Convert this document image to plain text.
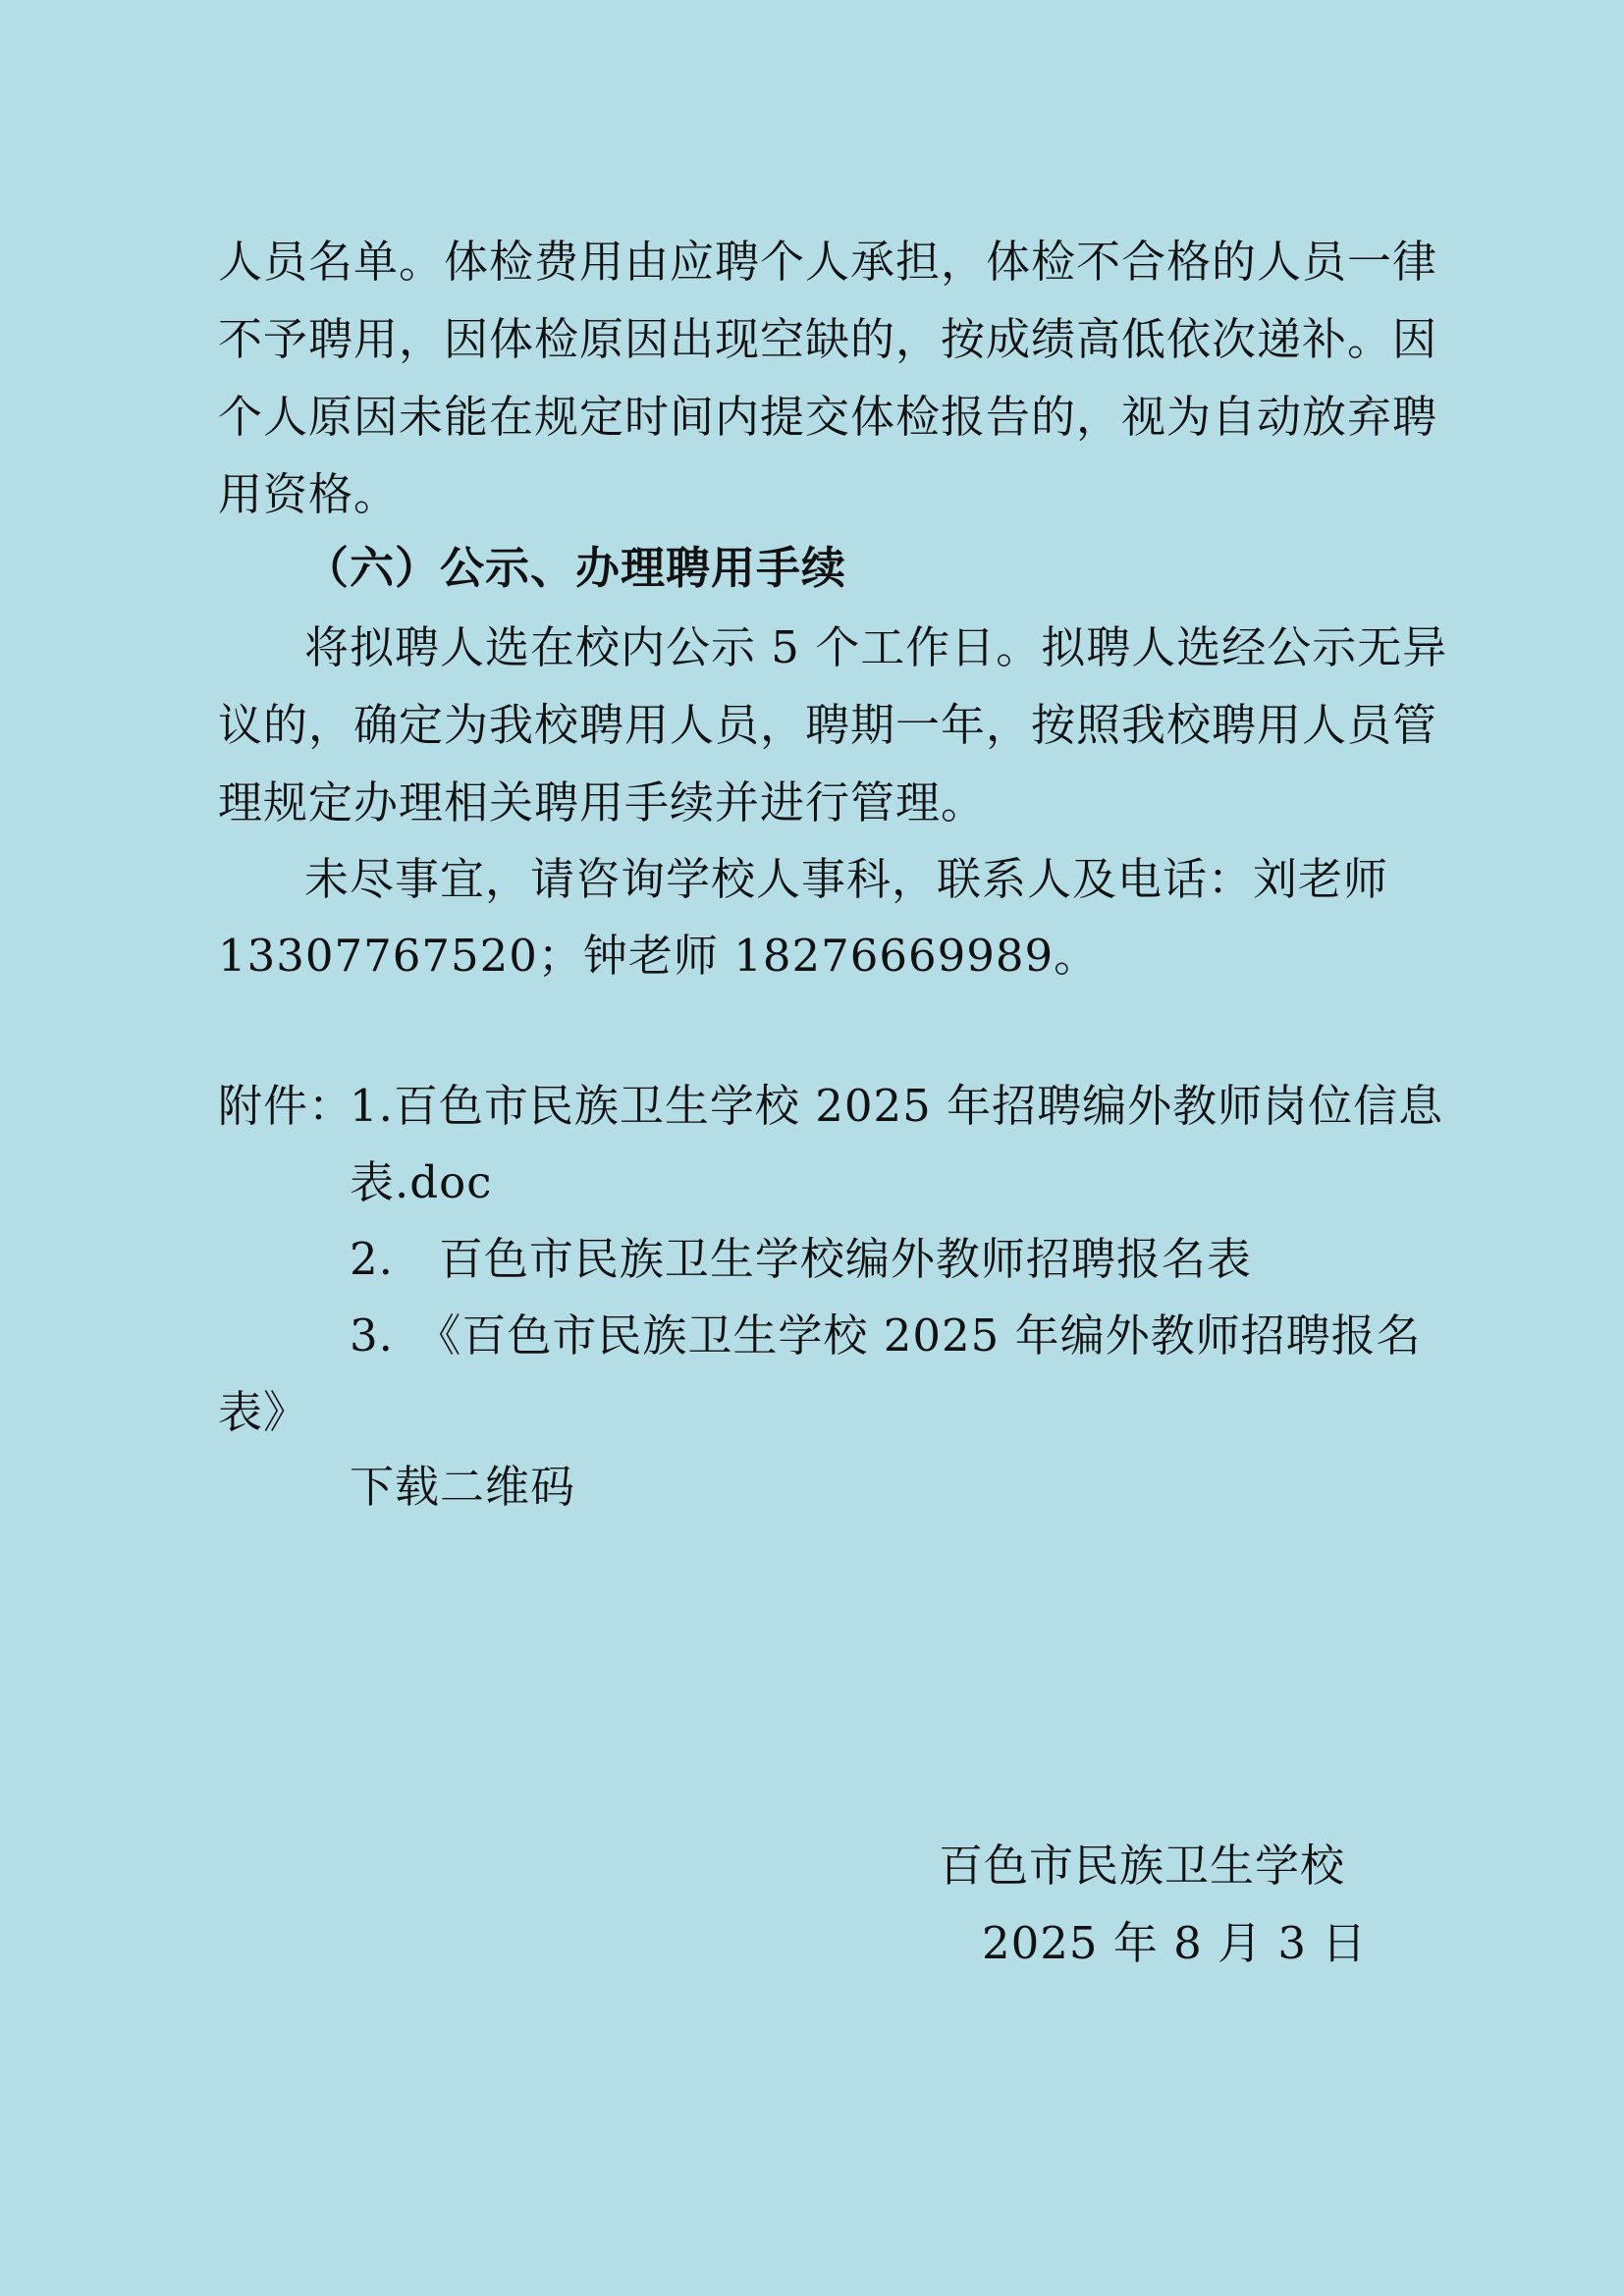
人员名单。体检费用由应聘个人承担，体检不合格的人员一律
不予聘用，因体检原因出现空缺的，按成绩高低依次递补。因
个人原因未能在规定时间内提交体检报告的，视为自动放弃聘
用资格。
（六）公示、办理聘用手续
将拟聘人选在校内公示 5 个工作日。拟聘人选经公示无异
议的，确定为我校聘用人员，聘期一年，按照我校聘用人员管
理规定办理相关聘用手续并进行管理。
未尽事宜，请咨询学校人事科，联系人及电话：刘老师
13307767520；钟老师 18276669989。
附件：
1.百色市民族卫生学校 2025 年招聘编外教师岗位信息
表.doc
2.　百色市民族卫生学校编外教师招聘报名表
3.　《百色市民族卫生学校 2025 年编外教师招聘报名
表》
下载二维码
百色市民族卫生学校
2025 年 8 月 3 日
